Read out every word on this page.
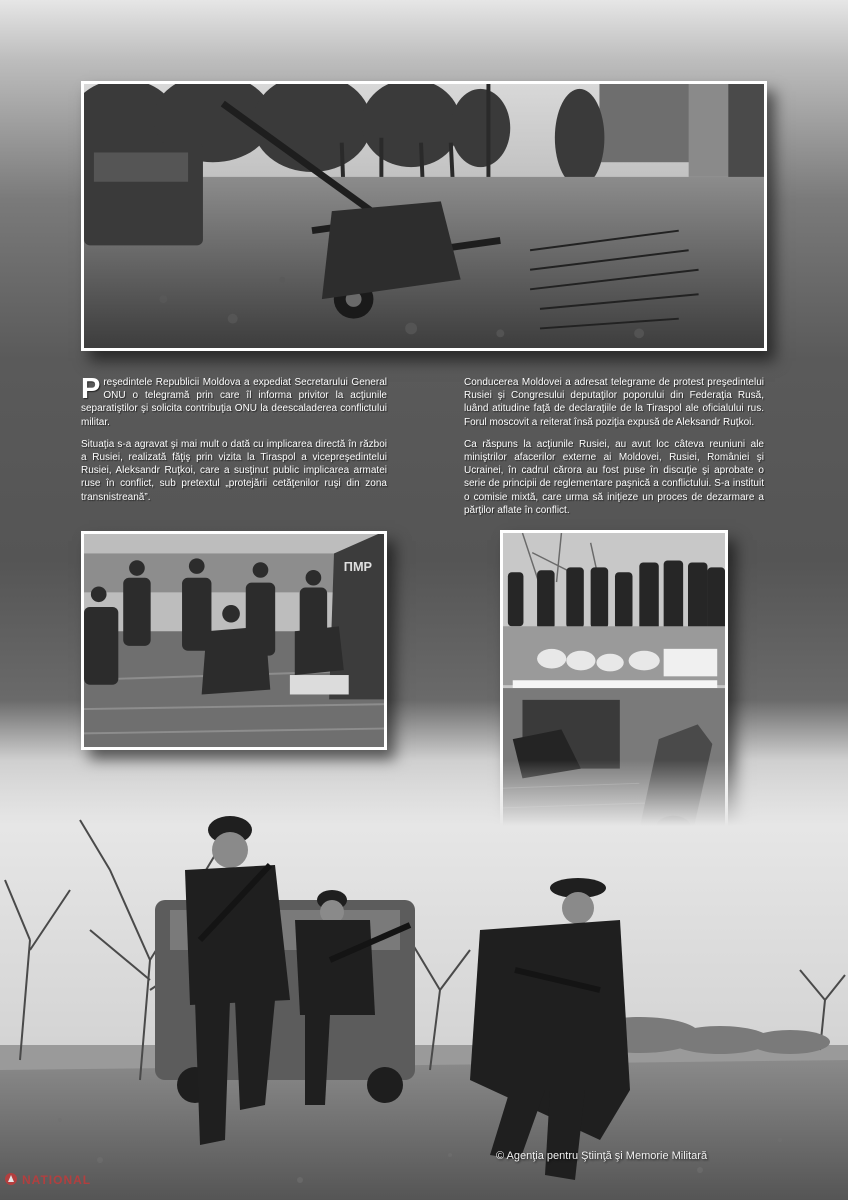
Preşedintele Republicii Moldova a expediat Secretarului General ONU o telegramă prin care îl informa privitor la acţiunile separatiştilor şi solicita contribuţia ONU la deescaladerea conflictului militar.

Situaţia s-a agravat şi mai mult o dată cu implicarea directă în război a Rusiei, realizată făţiş prin vizita la Tiraspol a vicepreşedintelui Rusiei, Aleksandr Ruţkoi, care a susţinut public implicarea armatei ruse în conflict, sub pretextul „protejării cetăţenilor ruşi din zona transnistreană”.

Conducerea Moldovei a adresat telegrame de protest preşedintelui Rusiei şi Congresului deputaţilor poporului din Federaţia Rusă, luând atitudine faţă de declaraţiile de la Tiraspol ale oficialului rus. Forul moscovit a reiterat însă poziţia expusă de Aleksandr Ruţkoi.

Ca răspuns la acţiunile Rusiei, au avut loc câteva reuniuni ale miniştrilor afacerilor externe ai Moldovei, Rusiei, României şi Ucrainei, în cadrul cărora au fost puse în discuţie şi aprobate o serie de principii de reglementare paşnică a conflictului. S-a instituit o comisie mixtă, care urma să iniţieze un proces de dezarmare a părţilor aflate în conflict.

ПМР
© Agenţia pentru Ştiinţă şi Memorie Militară
NATIONAL
